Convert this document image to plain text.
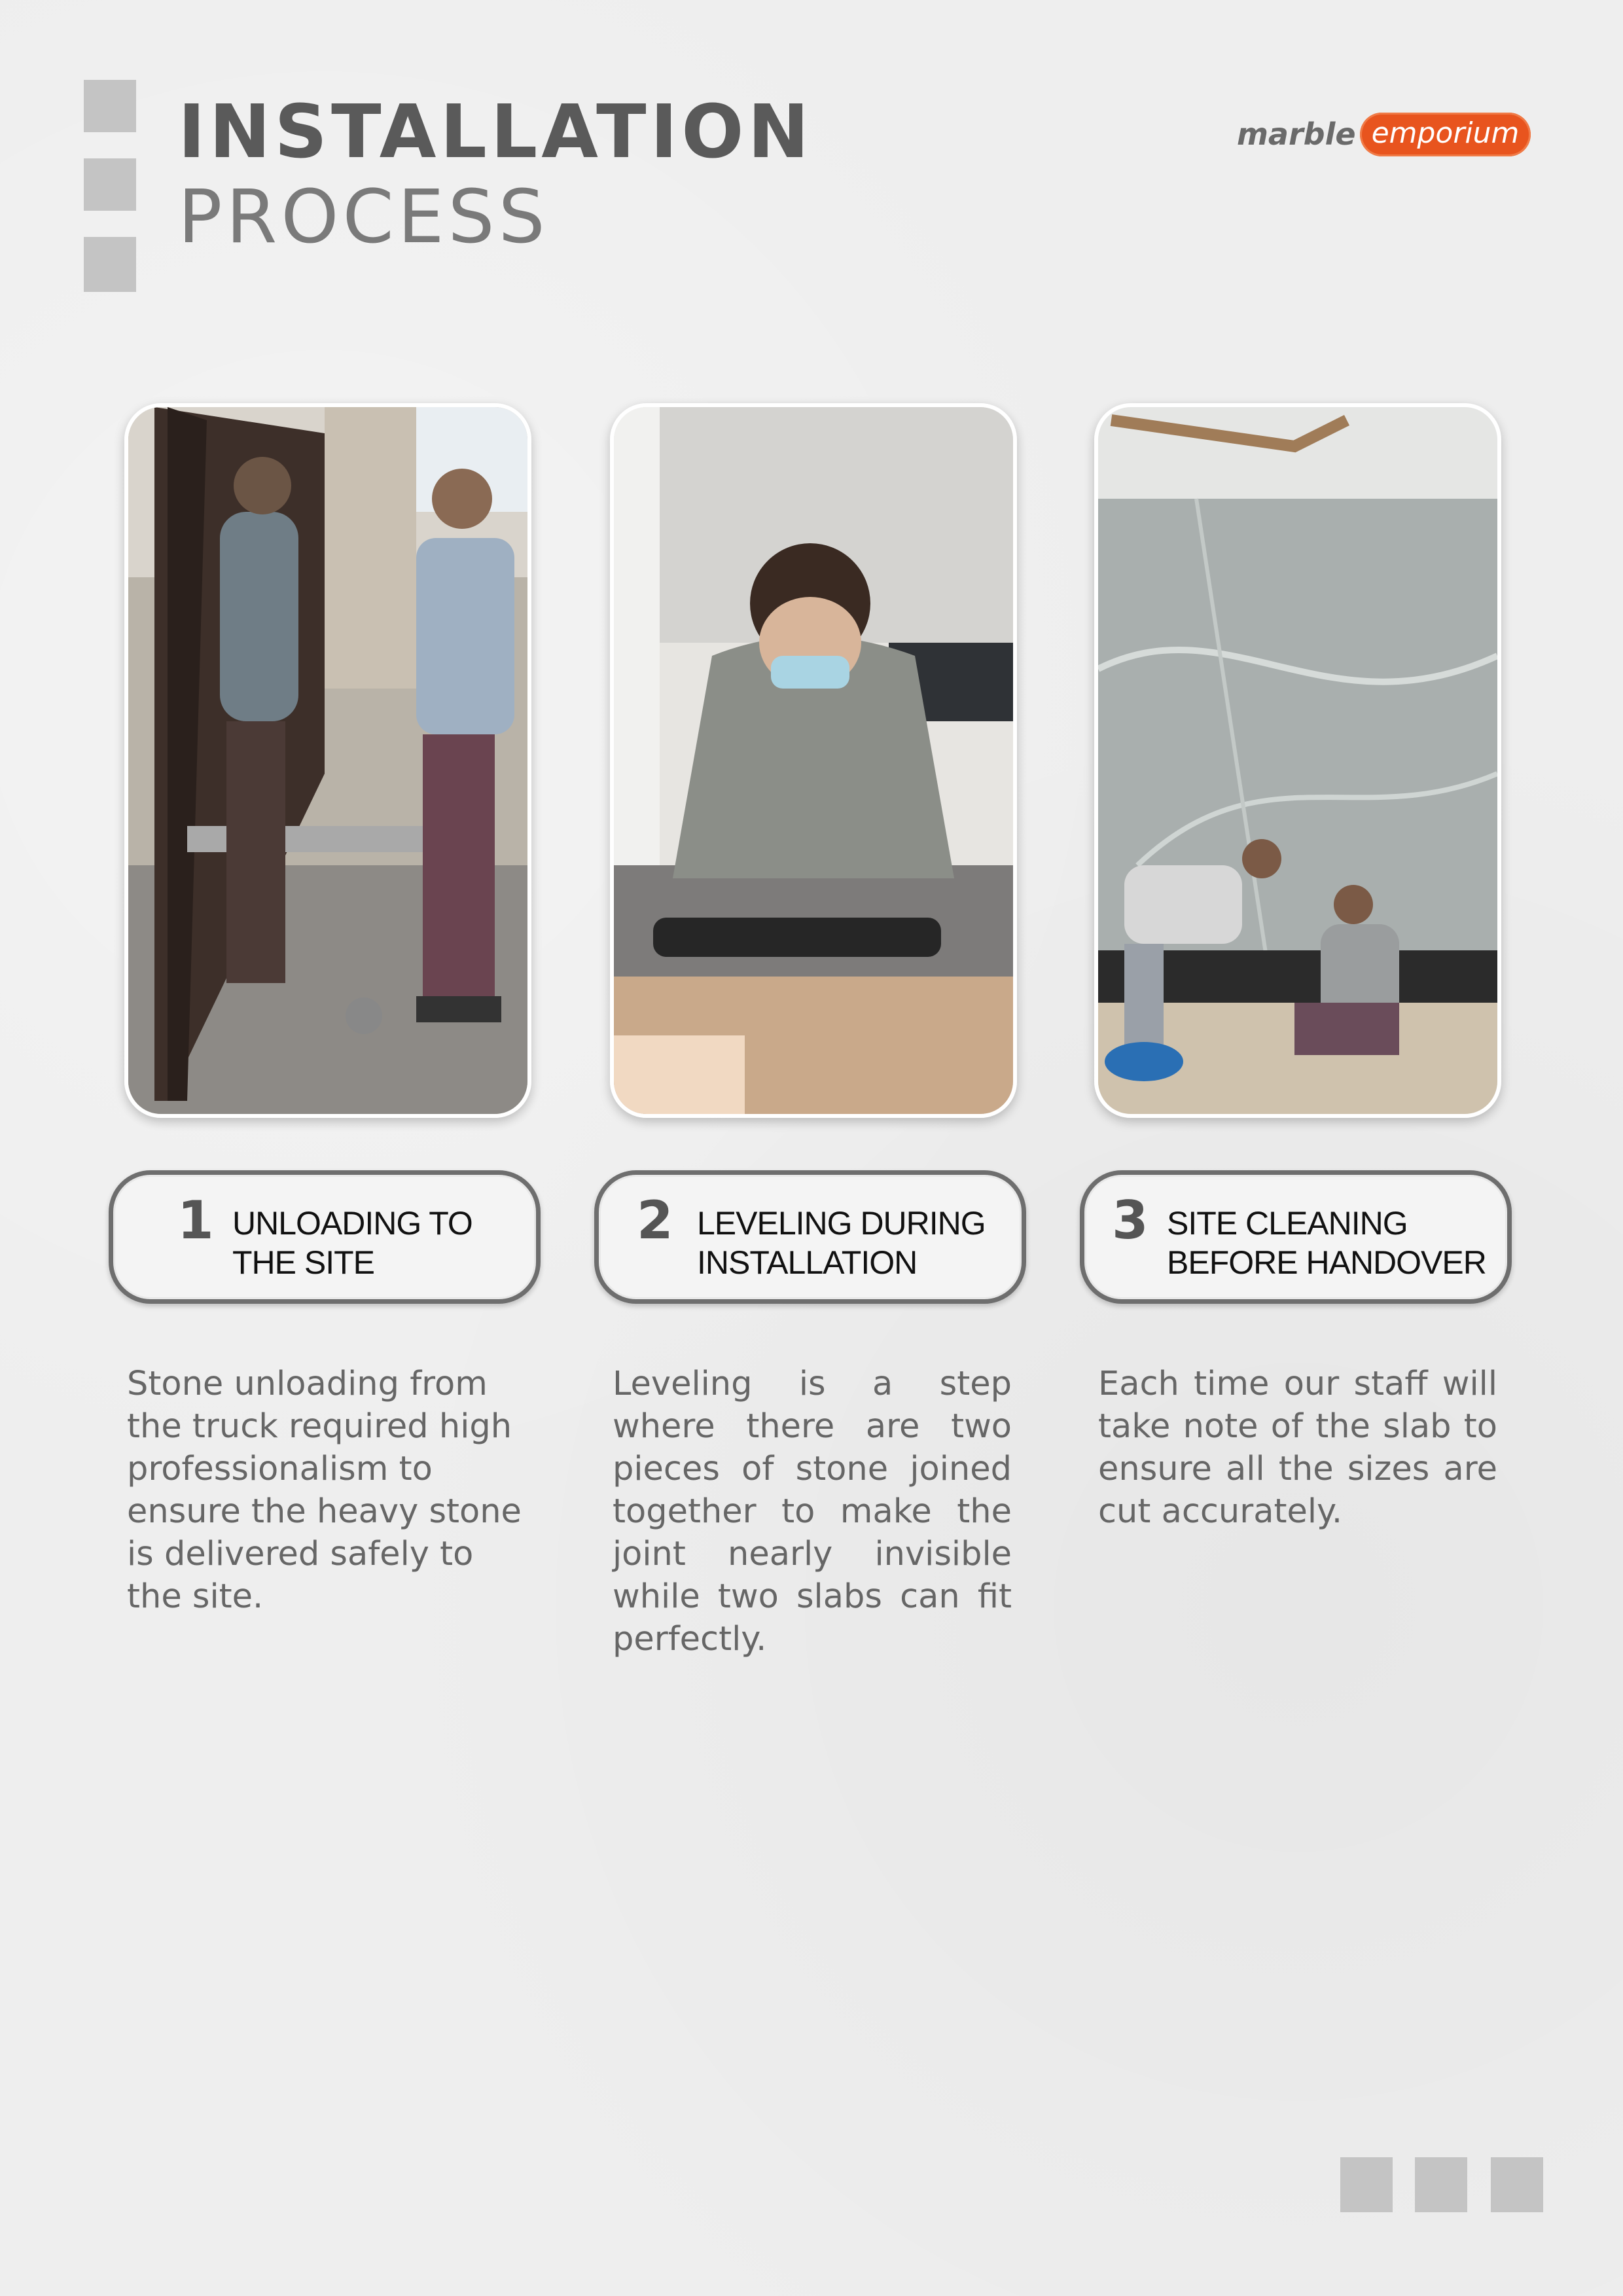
INSTALLATION
PROCESS
marble emporium
1 UNLOADING TO
THE SITE
2 LEVELING DURING
INSTALLATION
3 SITE CLEANING
BEFORE HANDOVER
Stone unloading from the truck required high professionalism to ensure the heavy stone is delivered safely to the site.
Leveling is a step where there are two pieces of stone joined together to make the joint nearly invisible while two slabs can fit perfectly.
Each time our staff will take note of the slab to ensure all the sizes are cut accurately.
